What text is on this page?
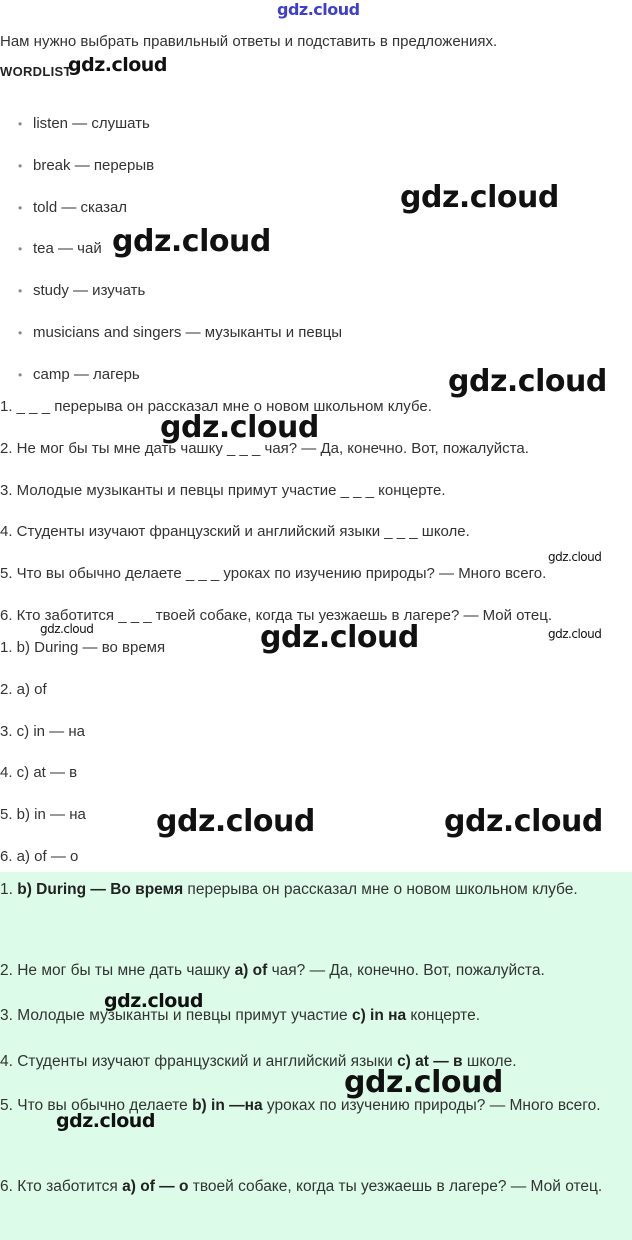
gdz.cloud
Нам нужно выбрать правильный ответы и подставить в предложениях.
WORDLIST
• listen — слушать
• break — перерыв
• told — сказал
• tea — чай
• study — изучать
• musicians and singers — музыканты и певцы
• camp — лагерь
1. _ _ _ перерыва он рассказал мне о новом школьном клубе.
2. Не мог бы ты мне дать чашку _ _ _ чая? — Да, конечно. Вот, пожалуйста.
3. Молодые музыканты и певцы примут участие _ _ _ концерте.
4. Студенты изучают французский и английский языки _ _ _ школе.
5. Что вы обычно делаете _ _ _ уроках по изучению природы? — Много всего.
6. Кто заботится _ _ _ твоей собаке, когда ты уезжаешь в лагере? — Мой отец.
1. b) During — во время
2. a) of
3. c) in — на
4. c) at — в
5. b) in — на
6. a) of — о
1. b) During — Во время перерыва он рассказал мне о новом школьном клубе.
2. Не мог бы ты мне дать чашку a) of чая? — Да, конечно. Вот, пожалуйста.
3. Молодые музыканты и певцы примут участие c) in на концерте.
4. Студенты изучают французский и английский языки c) at — в школе.
5. Что вы обычно делаете b) in —на уроках по изучению природы? — Много всего.
6. Кто заботится a) of — о твоей собаке, когда ты уезжаешь в лагере? — Мой отец.
gdz.cloud
gdz.cloud
gdz.cloud
gdz.cloud
gdz.cloud
gdz.cloud
gdz.cloud	gdz.cloud	gdz.cloud
gdz.cloud	gdz.cloud
gdz.cloud
gdz.cloud
gdz.cloud
